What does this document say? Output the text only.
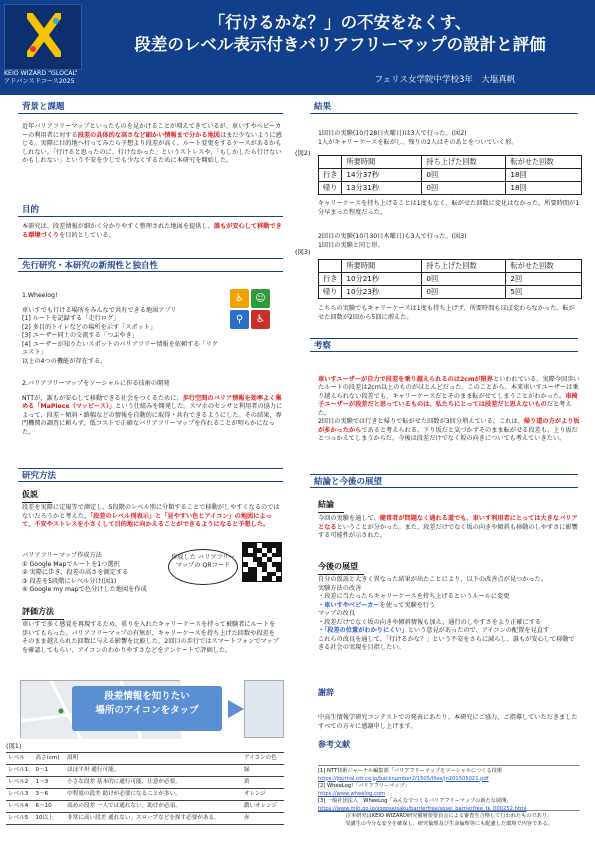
KEIO WIZARD “GLOCAL”
アドバンスドコース2025
「行けるかな？」の不安をなくす、
段差のレベル表示付きバリアフリーマップの設計と評価
フェリス女学院中学校3年　大塩真帆
背景と課題
近年バリアフリーマップといったものを見かけることが増えてきているが、車いすやベビーカーの利用者に対する段差の具体的な高さなど細かい情報まで分かる地図はまだ少ないように感じる。実際に目的地へ行ってみたら予想より段差が高く、ルート変更をするケースがあるかもしれない。「行けると思ったのに、行けなかった」というストレスや、「もしかしたら行けないかもしれない」という不安を少しでも少なくするために本研究を開始した。
目的
本研究は、段差情報が細かく分かりやすく整理された地図を提供し、誰もが安心して移動できる環境づくりを目的としている。
先行研究・本研究の新規性と独自性
1.Wheelog!
車いすでも行ける場所をみんなで共有できる地図アプリ
[1] ルートを記録する「走行ログ」
[2] 多目的トイレなどの場所を示す「スポット」
[3] ユーザー同士の交流する「つぶやき」
[4] ユーザーが知りたいスポットのバリアフリー情報を依頼する「リクエスト」
以上の4つの機能が存在する。
♿	☺
⚲	♿
2.バリアフリーマップをソーシャルに作る技術の開発
NTTが、誰もが安心して移動できる社会をつくるために、歩行空間のバリア情報を効率よく集める「MaPiece（マッピース）」という仕組みを開発した。スマホのセンサと利用者の協力によって、段差・傾斜・路幅などの情報を自動的に取得・共有できるようにした。その結果、専門機関の調査に頼らず、低コストで正確なバリアフリーマップを作れることが明らかになった。
研究方法
仮説
段差を実際に定規等で測定し、5段階のレベル別に分類することで移動がしやすくなるのではないだろうかと考えた。「段差のレベル別表示」と「見やすい色とアイコン」の地図によって、不安やストレスを小さくして目的地に向かえることができるようになると予想した。
バリアフリーマップ作成方法
① Google Mapでルートを1つ選択
② 実際に歩き、段差の高さを測定する
③ 段差を5段階にレベル分け(図1)
④ Google my mapで色分けした地図を作成
作成した バリアフリーマップの QRコード
評価方法
車いすで多く感覚を再現するため、重りを入れたキャリーケースを持って被験者にルートを歩いてもらった。バリアフリーマップの有無が、キャリーケースを持ち上げた回数や段差をそのまま越えられた回数に与える影響を比較した。2回目の歩行ではスマートフォンでマップを確認してもらい、アイコンのわかりやすさなどをアンケートで評価した。
段差情報を知りたい
場所のアイコンをタップ
(図1)
レベル	高さ(cm)	説明	アイコンの色
レベル1	0〜1	ほぼ平坦 通行可能。	緑
レベル2	1〜3	小さな段差 基本的に通行可能、注意が必要。	黄
レベル3	3〜6	中程度の段差 助けが必要になることが多い。	オレンジ
レベル4	6〜10	高めの段差 一人では通れない。助けが必須。	濃いオレンジ
レベル5	10以上	非常に高い段差 通れない。スロープなどを探す必要がある。	赤
結果
1回目の実験(10月28日火曜日)は3人で行った。(図2)
1人がキャリーケースを転がし、残りの2人はそのあとをついていく形。
(図2)
	所要時間	持ち上げた回数	転がせた回数
行き	14分37秒	0回	18回
帰り	13分31秒	0回	18回
キャリーケースを持ち上げることは1度もなく、転がせた回数に変化はなかった。所要時間が1分早まった程度だった。
2回目の実験(10月30日木曜日)も3人で行った。(図3)
1回目の実験と同じ形。
(図3)
	所要時間	持ち上げた回数	転がせた回数
行き	10分21秒	0回	2回
帰り	10分23秒	0回	5回
こちらの実験でもキャリーケースは1度も持ち上げず、所要時間もほぼ変わらなかった。転がせた回数が2回から5回に増えた。
考察

車いすユーザーが自力で段差を乗り越えられるのは2cmが限界といわれている。実際今回歩いたルートの段差は2cm以上のものがほとんどだった。このことから、本来車いすユーザーは乗り越えられない段差でも、キャリーケースだとそのまま転がせてしまうことがわかった。車椅子ユーザーが段差だと思っているものは、私たちにとっては段差だと思えないものだと考えた。
2回目の実験では行きと帰りで転がせた回数が3回分増えている。これは、帰り道の方がより坂が多かったからであると考えられる。下り坂だと気づかずそのまま転がせる段差も、上り坂だとつっかえてしまうからだ。今後は段差だけでなく坂の向きについても考えていきたい。

結論と今後の展望
結論
今回の実験を通して、健常者が問題なく通れる道でも、車いす利用者にとっては大きなバリアとなるということが分かった。また、段差だけでなく坂の向きや傾斜も移動のしやすさに影響する可能性が示された。
今後の展望
自分の仮説と大きく異なった結果が出たことにより、以下の改善点が見つかった。
実験方法の改善
・段差に当たったらキャリーケースを持ち上げるというルールに変更
・車いすやベビーカーを使って実験を行う
マップの改良
・段差だけでなく坂の向きや傾斜情報も加え、通行のしやすさをより正確にする
・「段差の位置がわかりにくい」という意見があったので、アイコンの配置を見直す
これらの改良を通して、「行けるかな？」という不安をさらに減らし、誰もが安心して移動できる社会の実現を目指したい。
謝辞
中高生情報学研究コンテストでの発表にあたり、本研究にご協力、ご指導していただきましたすべての方々に感謝申し上げます。
参考文献
[1] NTT技術ジャーナル編集部「バリアフリーマップをソーシャルにつくる技術
https://journal.ntt.co.jp/backnumber2/1505/files/jn201505021.pdf
[2] WheeLog!「バリアフリーマップ」
https://www.wheelog.com
[3] 一般社団法人　WheeLog「みんなでつくるバリアフリーマップの新たな展開」
https://www.mlit.go.jp/sogoseisaku/barrierfree/sosei_barrierfree_tk_000252.html
泣本研究はKEIO WIZARD研究備層要要員会による審査を合格して行われたものであり、
受講生の今分な安全を確保し、研究倫理及び生命倫理等にも配慮した環境で内容である。
